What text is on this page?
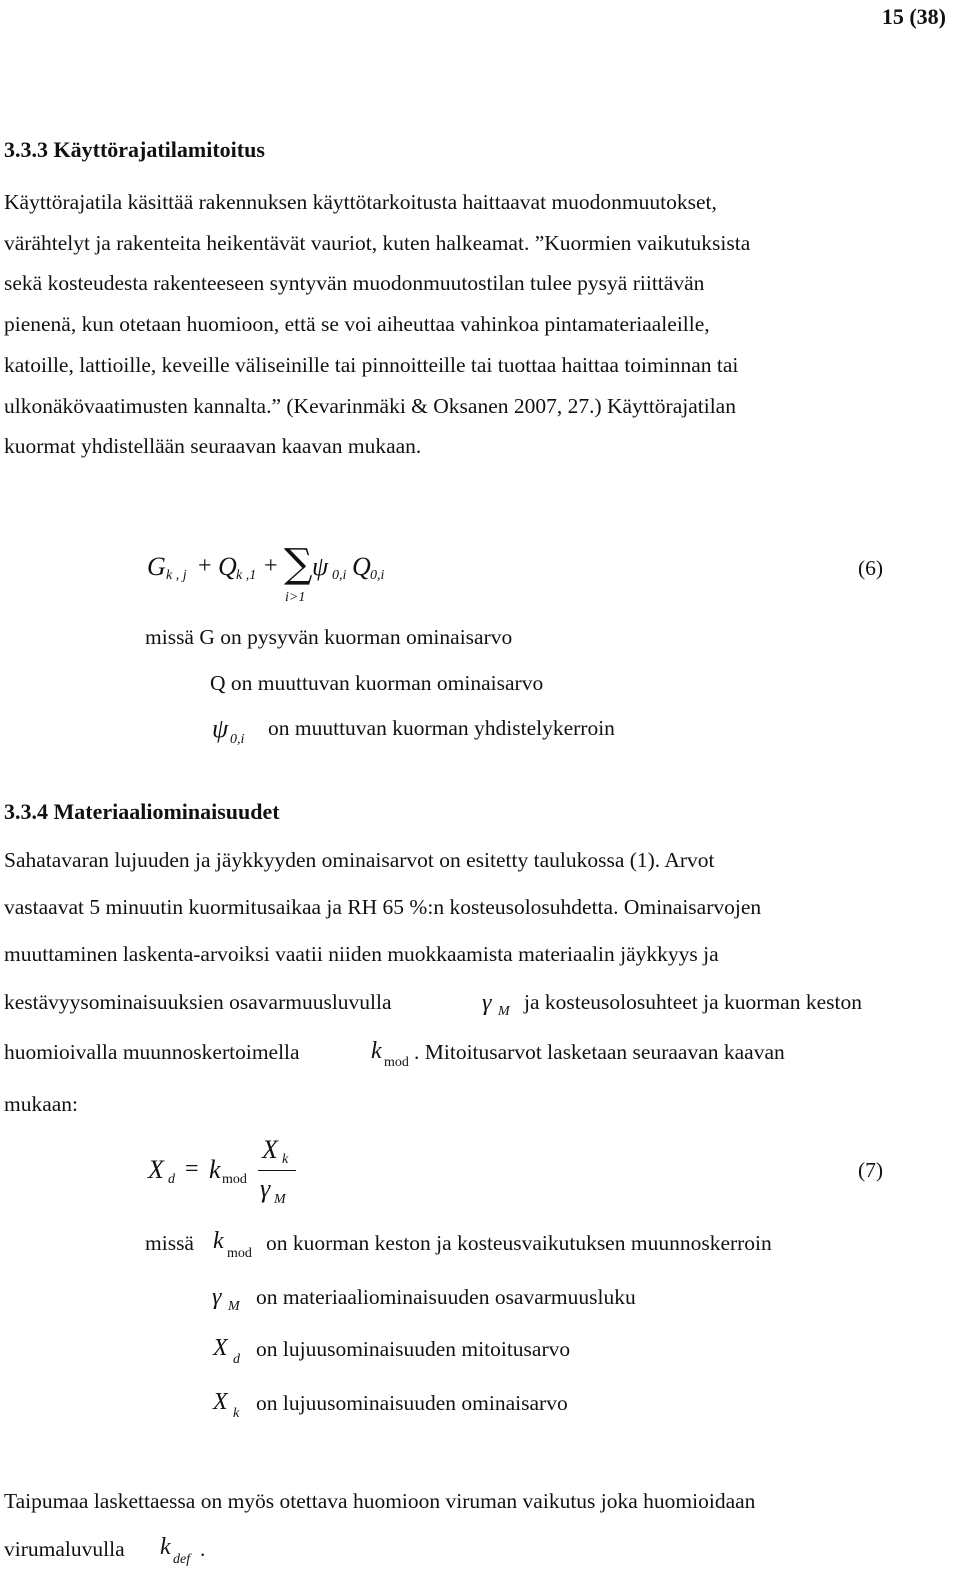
15 (38)
3.3.3 Käyttörajatilamitoitus
Käyttörajatila käsittää rakennuksen käyttötarkoitusta haittaavat muodonmuutokset,
värähtelyt ja rakenteita heikentävät vauriot, kuten halkeamat. ”Kuormien vaikutuksista
sekä kosteudesta rakenteeseen syntyvän muodonmuutostilan tulee pysyä riittävän
pienenä, kun otetaan huomioon, että se voi aiheuttaa vahinkoa pintamateriaaleille,
katoille, lattioille, keveille väliseinille tai pinnoitteille tai tuottaa haittaa toiminnan tai
ulkonäkövaatimusten kannalta.” (Kevarinmäki & Oksanen 2007, 27.) Käyttörajatilan
kuormat yhdistellään seuraavan kaavan mukaan.
G k , j + Q k ,1 + ∑
i>1
ψ 0,i Q 0,i	(6)
missä G on pysyvän kuorman ominaisarvo
Q on muuttuvan kuorman ominaisarvo
ψ 0,i on muuttuvan kuorman yhdistelykerroin
3.3.4 Materiaaliominaisuudet
Sahatavaran lujuuden ja jäykkyyden ominaisarvot on esitetty taulukossa (1). Arvot
vastaavat 5 minuutin kuormitusaikaa ja RH 65 %:n kosteusolosuhdetta. Ominaisarvojen
muuttaminen laskenta-arvoiksi vaatii niiden muokkaamista materiaalin jäykkyys ja
kestävyysominaisuuksien osavarmuusluvulla	γ M ja kosteusolosuhteet ja kuorman keston
huomioivalla muunnoskertoimella	k mod . Mitoitusarvot lasketaan seuraavan kaavan
mukaan:
X d = k mod
X k
γ M
(7)
missä k mod on kuorman keston ja kosteusvaikutuksen muunnoskerroin
γ M on materiaaliominaisuuden osavarmuusluku
X d on lujuusominaisuuden mitoitusarvo
X k on lujuusominaisuuden ominaisarvo
Taipumaa laskettaessa on myös otettava huomioon viruman vaikutus joka huomioidaan
virumaluvulla k def .
